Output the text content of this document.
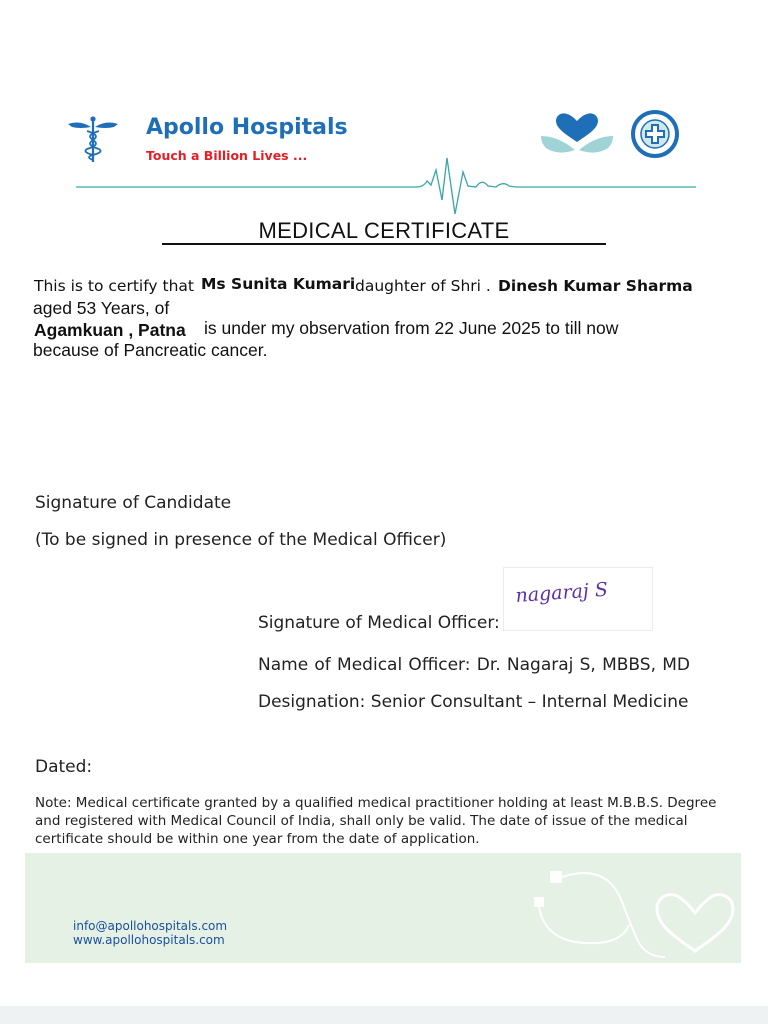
Apollo Hospitals
Touch a Billion Lives ...
MEDICAL CERTIFICATE
This is to certify that Ms Sunita Kumari daughter of Shri . Dinesh Kumar Sharma
aged 53 Years, of
Agamkuan , Patna is under my observation from 22 June 2025 to till now
because of Pancreatic cancer.
Signature of Candidate
(To be signed in presence of the Medical Officer)
nagaraj S
Signature of Medical Officer:
Name of Medical Officer: Dr. Nagaraj S, MBBS, MD Designation: Senior Consultant – Internal Medicine
Dated:
Note: Medical certificate granted by a qualified medical practitioner holding at least M.B.B.S. Degree and registered with Medical Council of India, shall only be valid. The date of issue of the medical certificate should be within one year from the date of application.
info@apollohospitals.com
www.apollohospitals.com
